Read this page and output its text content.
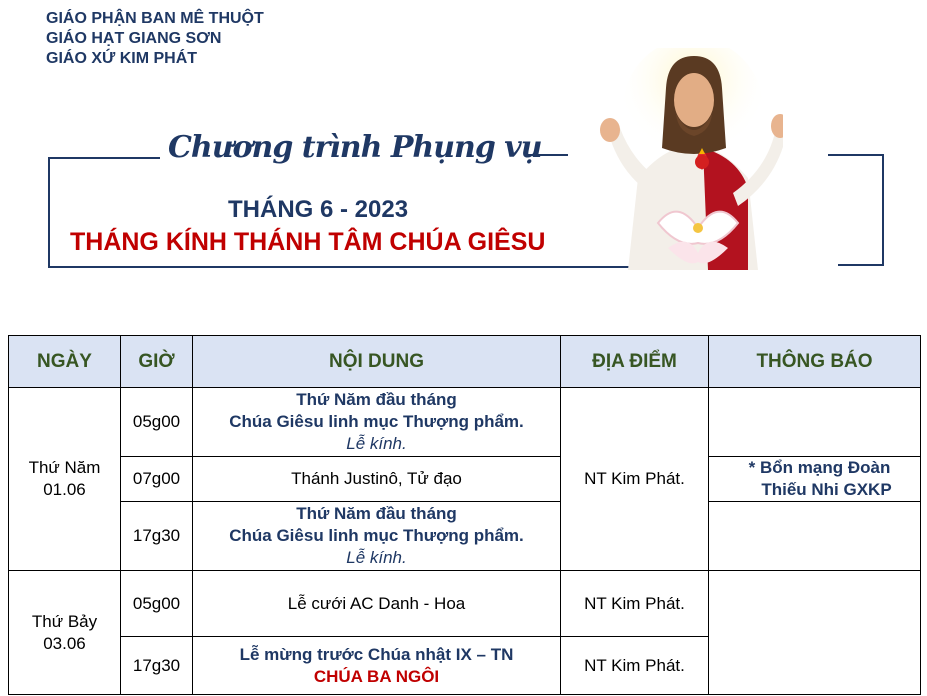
GIÁO PHẬN BAN MÊ THUỘT
GIÁO HẠT GIANG SƠN
GIÁO XỨ KIM PHÁT
Chương trình Phụng vụ
THÁNG 6 - 2023
THÁNG KÍNH THÁNH TÂM CHÚA GIÊSU
NGÀY	GIỜ	NỘI DUNG	ĐỊA ĐIỂM	THÔNG BÁO

Thứ Năm
01.06	05g00	Thứ Năm đầu tháng
Chúa Giêsu linh mục Thượng phẩm.
Lễ kính.	NT Kim Phát.	
	07g00	Thánh Justinô, Tử đạo		* Bổn mạng Đoàn
Thiếu Nhi GXKP

	17g30	Thứ Năm đầu tháng
Chúa Giêsu linh mục Thượng phẩm.
Lễ kính.		

Thứ Bảy
03.06	05g00	Lễ cưới AC Danh - Hoa	NT Kim Phát.	
	17g30	Lễ mừng trước Chúa nhật IX – TN
CHÚA BA NGÔI	NT Kim Phát.	
